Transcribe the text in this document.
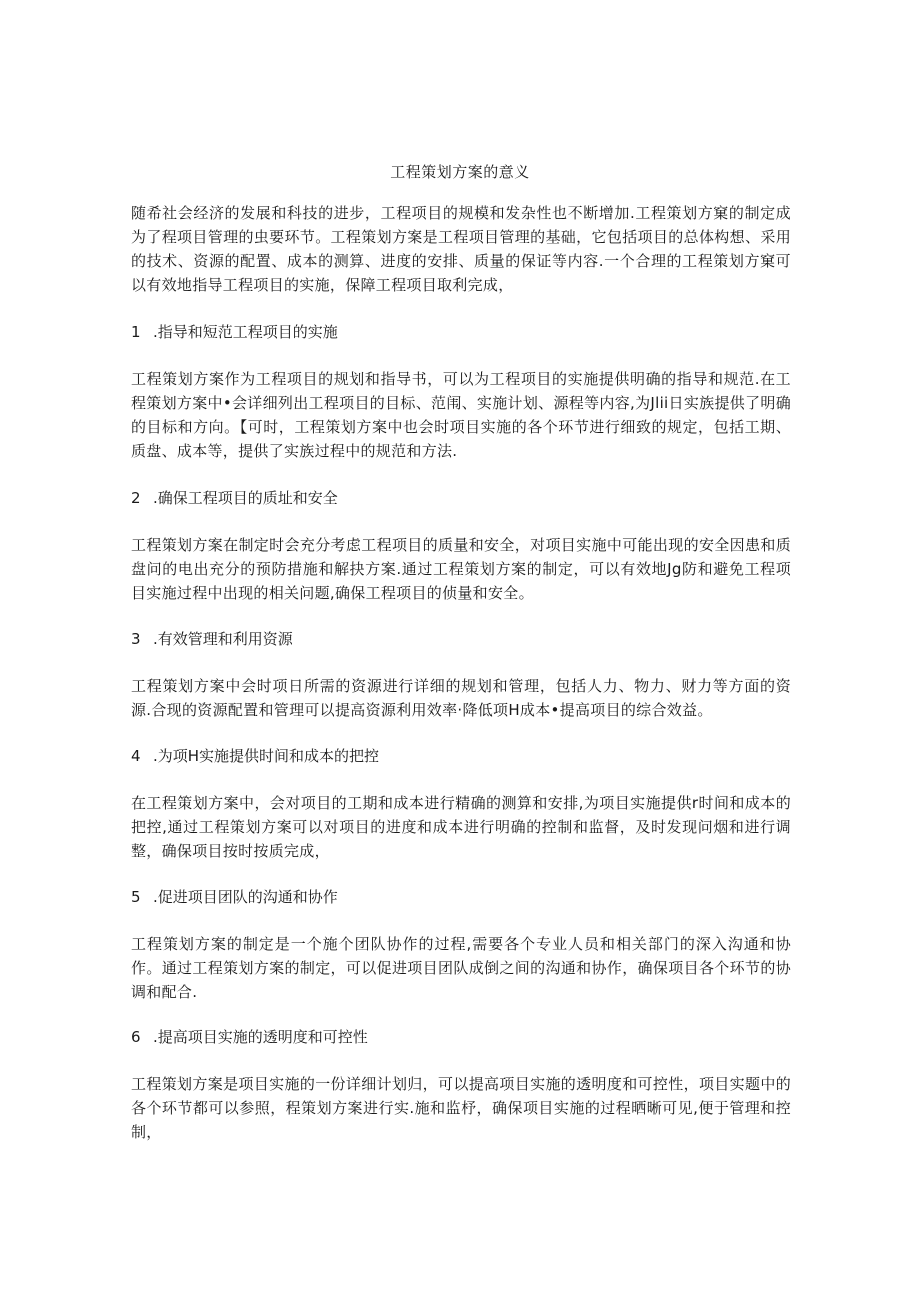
工程策划方案的意义
随希社会经济的发展和科技的进步，工程项目的规模和发杂性也不断增加.工程策划方窠的制定成为了程项目管理的虫要环节。工程策划方案是工程项目管理的基础，它包括项目的总体构想、采用的技术、资源的配置、成本的测算、进度的安排、质量的保证等内容.一个合理的工程策划方窠可以有效地指导工程项目的实施，保障工程项目取利完成，
1 .指导和短范工程项目的实施
工程策划方案作为工程项目的规划和指导书，可以为工程项目的实施提供明确的指导和规范.在工程策划方案中•会详细列出工程项目的目标、范闱、实施计划、源程等内容,为Jlii日实族提供了明确的目标和方向。【可时，工程策划方案中也会时项目实施的各个环节进行细致的规定，包括工期、质盘、成本等，提供了实族过程中的规范和方法.
2 .确保工程项目的质址和安全
工程策划方案在制定时会充分考虑工程项目的质量和安全，对项目实施中可能出现的安全因患和质盘问的电出充分的预防措施和解抉方案.通过工程策划方案的制定，可以有效地Jg防和避免工程项目实施过程中出现的相关问题,确保工程项目的侦量和安全。
3 .有效管理和利用资源
工程策划方案中会时项日所需的资源进行详细的规划和管理，包括人力、物力、财力等方面的资源.合现的资源配置和管理可以提高资源利用效率·降低项H成本•提高项目的综合效益。
4 .为项H实施提供时间和成本的把控
在工程策划方案中，会对项目的工期和成本进行精确的测算和安排,为项目实施提供r时间和成本的把控,通过工程策划方案可以对项目的进度和成本进行明确的控制和监督，及时发现问烟和进行调整，确保项目按时按质完成，
5 .促进项目团队的沟通和协作
工程策划方案的制定是一个施个团队协作的过程,需要各个专业人员和相关部门的深入沟通和协作。通过工程策划方案的制定，可以促进项目团队成倒之间的沟通和协作，确保项目各个环节的协调和配合.
6 .提高项目实施的透明度和可控性
工程策划方案是项目实施的一份详细计划归，可以提高项目实施的透明度和可控性，项目实题中的各个环节都可以参照，程策划方案进行实.施和监杼，确保项目实施的过程晒晰可见,便于管理和控制，
